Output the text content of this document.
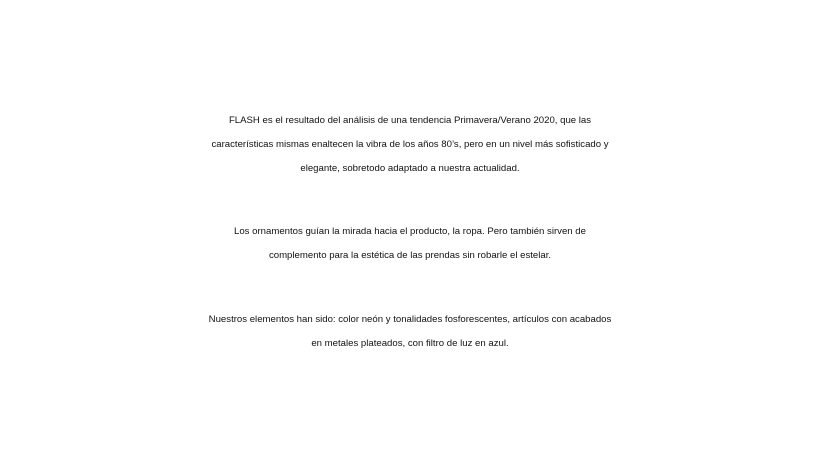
FLASH es el resultado del análisis de una tendencia Primavera/Verano 2020, que las
características mismas enaltecen la vibra de los años 80’s, pero en un nivel más sofisticado y
elegante, sobretodo adaptado a nuestra actualidad.
Los ornamentos guían la mirada hacia el producto, la ropa. Pero también sirven de
complemento para la estética de las prendas sin robarle el estelar.
Nuestros elementos han sido: color neón y tonalidades fosforescentes, artículos con acabados
en metales plateados, con filtro de luz en azul.
